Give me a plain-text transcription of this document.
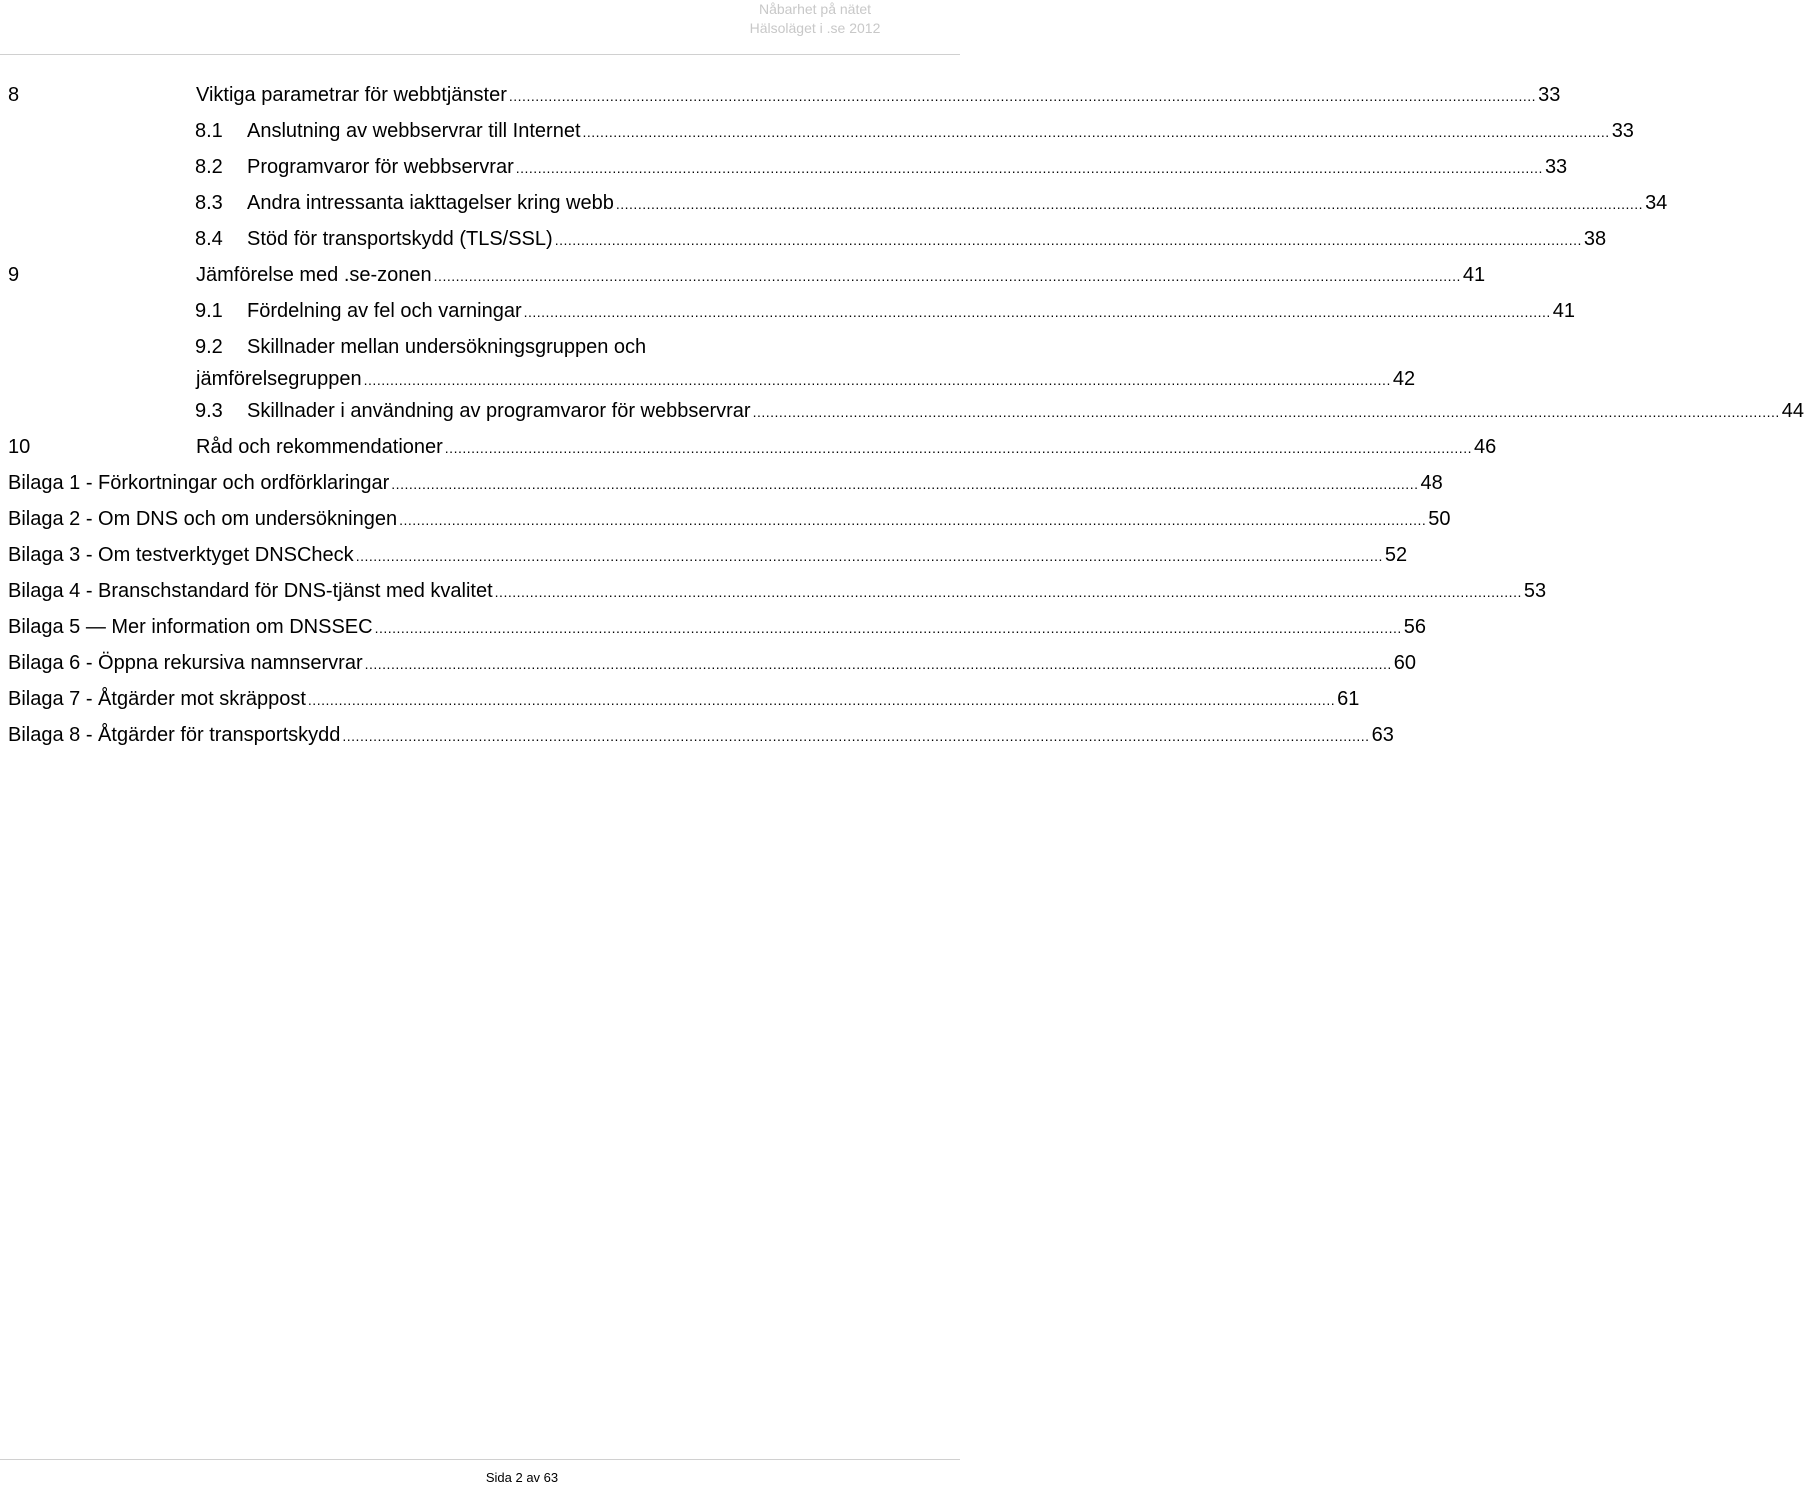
Nåbarhet på nätet
Hälsoläget i .se 2012
8	Viktiga parametrar för webbtjänster .......................................................................................................................................................................................................................................... 33
8.1 Anslutning av webbservrar till Internet .......................................................................................................................................................................................................................................... 33
8.2 Programvaror för webbservrar .......................................................................................................................................................................................................................................... 33
8.3 Andra intressanta iakttagelser kring webb .......................................................................................................................................................................................................................................... 34
8.4 Stöd för transportskydd (TLS/SSL) .......................................................................................................................................................................................................................................... 38
9	Jämförelse med .se-zonen .......................................................................................................................................................................................................................................... 41
9.1 Fördelning av fel och varningar .......................................................................................................................................................................................................................................... 41
9.2 Skillnader mellan undersökningsgruppen och
jämförelsegruppen .......................................................................................................................................................................................................................................... 42
9.3 Skillnader i användning av programvaror för webbservrar .......................................................................................................................................................................................................................................... 44
10	Råd och rekommendationer .......................................................................................................................................................................................................................................... 46
Bilaga 1 - Förkortningar och ordförklaringar .......................................................................................................................................................................................................................................... 48
Bilaga 2 - Om DNS och om undersökningen .......................................................................................................................................................................................................................................... 50
Bilaga 3 - Om testverktyget DNSCheck .......................................................................................................................................................................................................................................... 52
Bilaga 4 - Branschstandard för DNS-tjänst med kvalitet .......................................................................................................................................................................................................................................... 53
Bilaga 5 — Mer information om DNSSEC .......................................................................................................................................................................................................................................... 56
Bilaga 6 - Öppna rekursiva namnservrar .......................................................................................................................................................................................................................................... 60
Bilaga 7 - Åtgärder mot skräppost .......................................................................................................................................................................................................................................... 61
Bilaga 8 - Åtgärder för transportskydd .......................................................................................................................................................................................................................................... 63
Sida 2 av 63
